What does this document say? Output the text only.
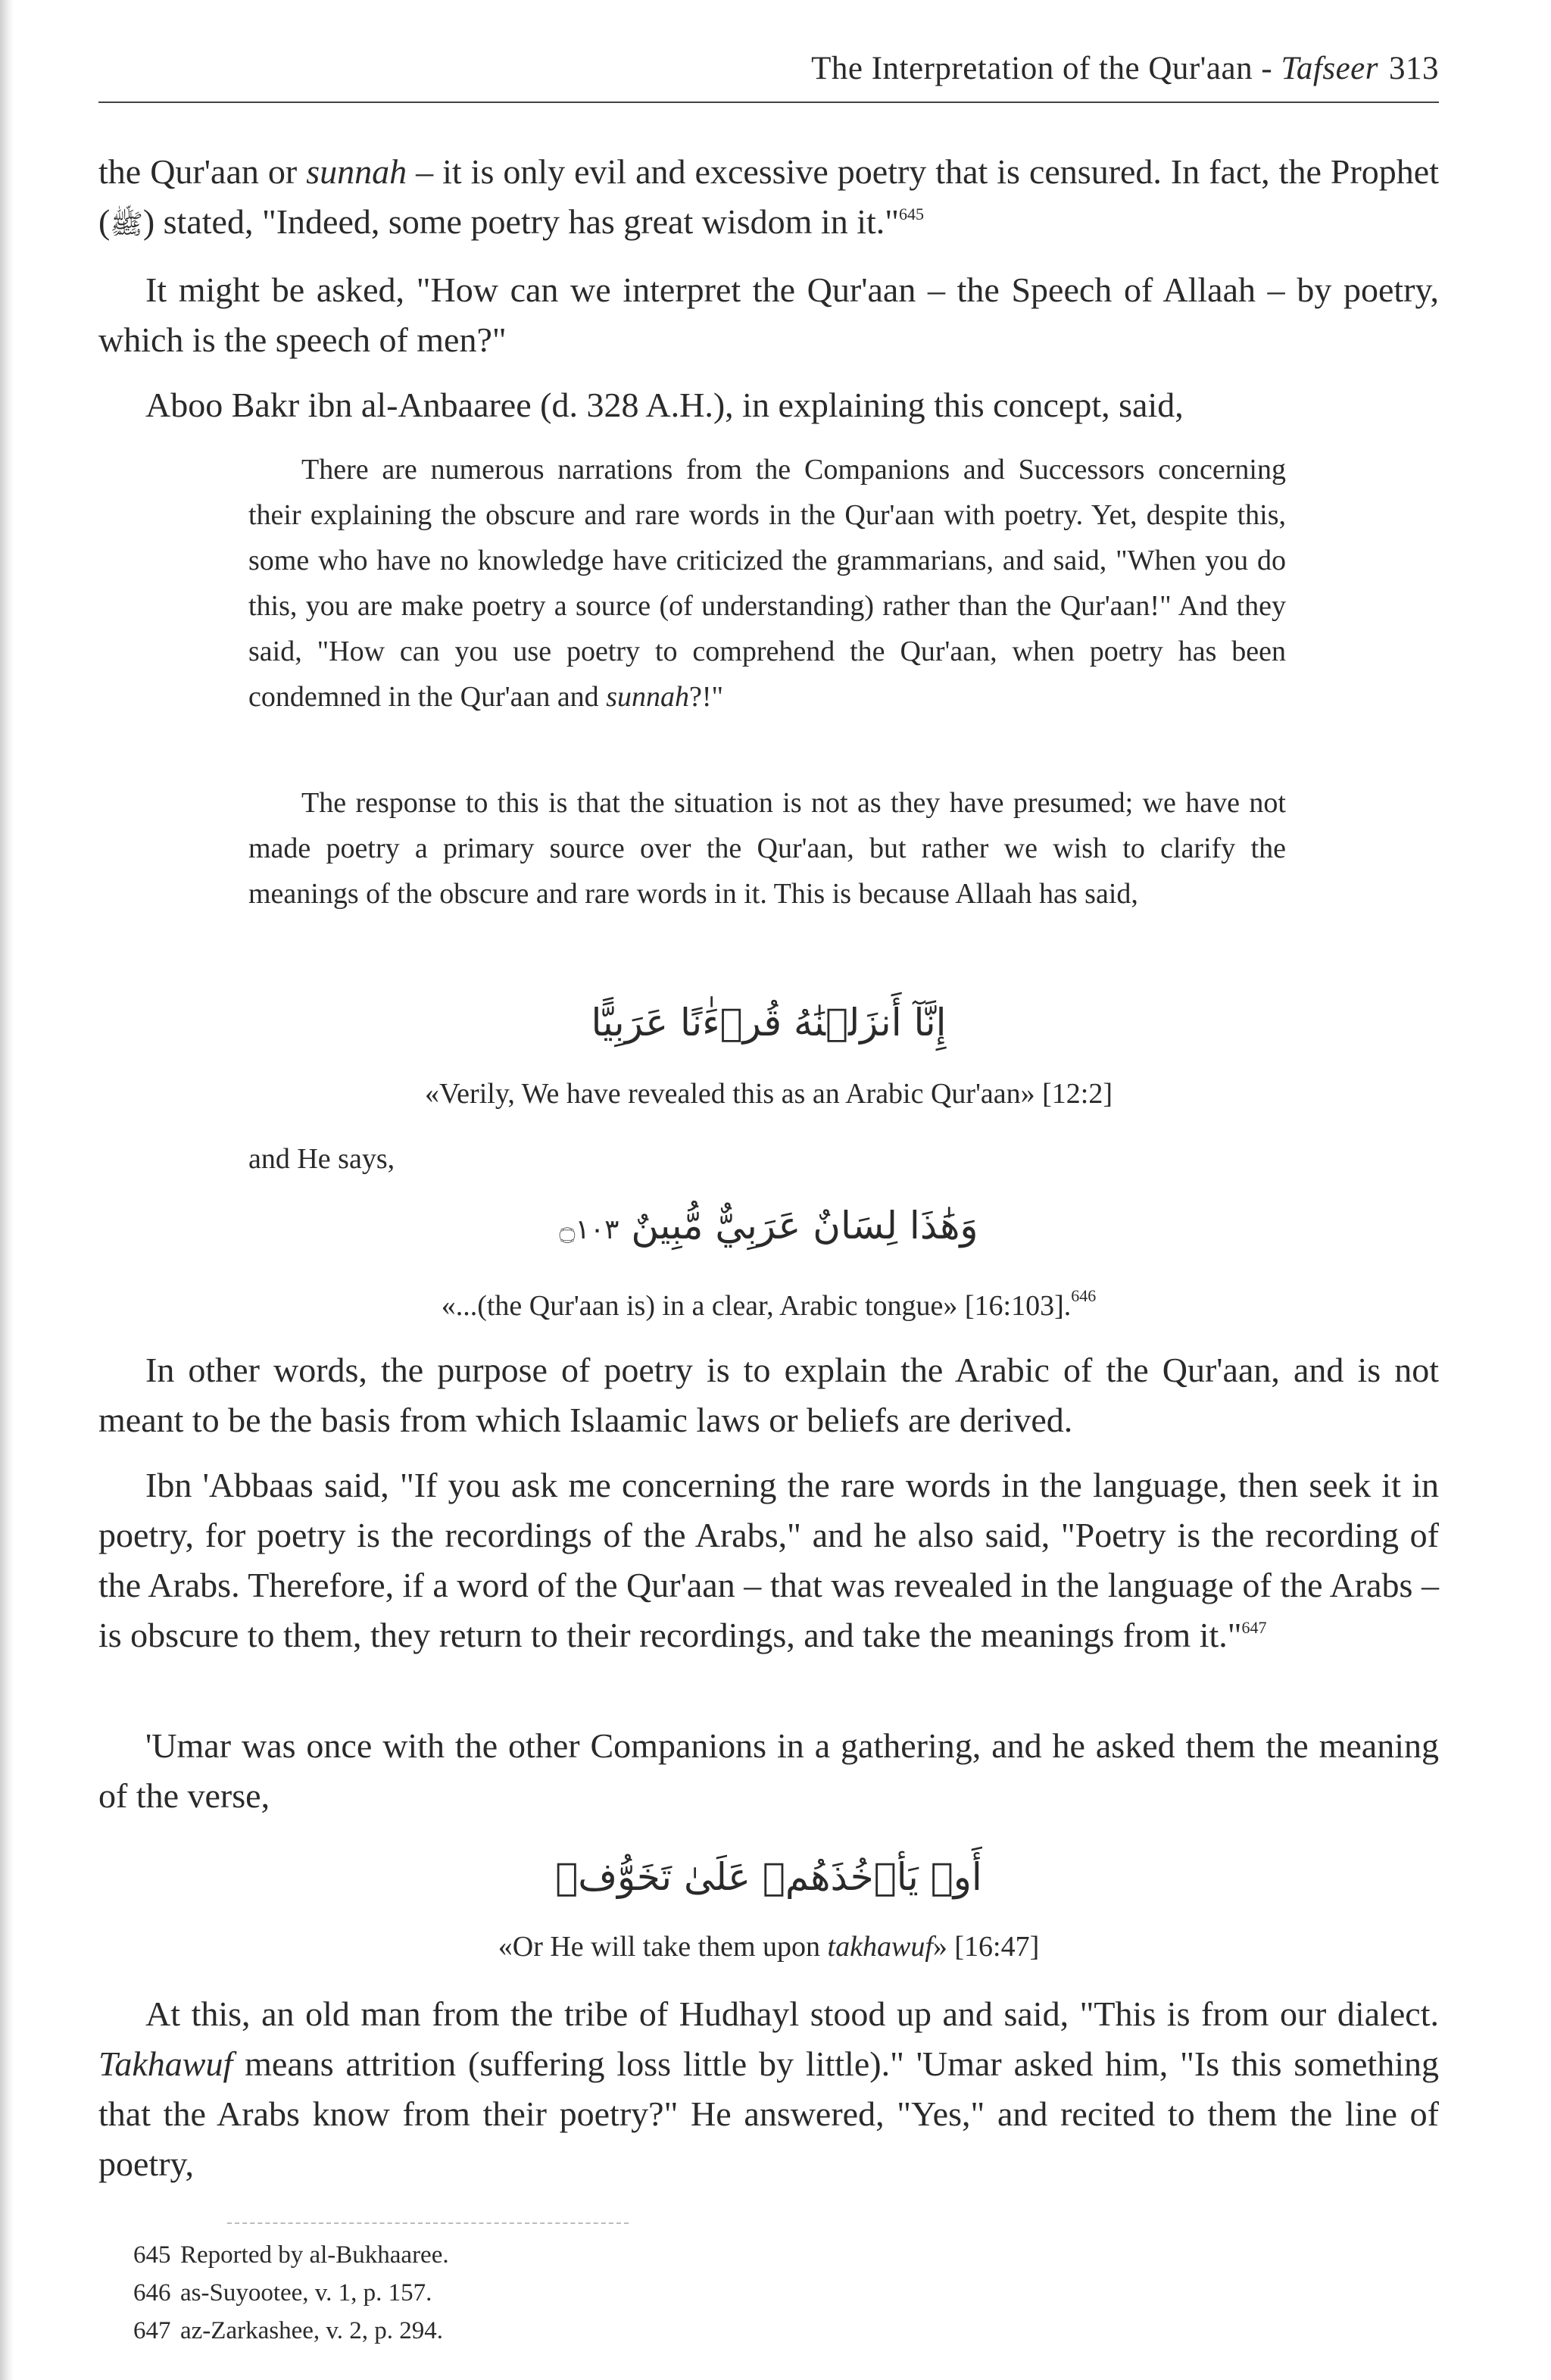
The Interpretation of the Qur'aan - Tafseer 313

the Qur'aan or sunnah – it is only evil and excessive poetry that is censured. In fact, the Prophet (ﷺ) stated, "Indeed, some poetry has great wisdom in it."$^{645}$

It might be asked, "How can we interpret the Qur'aan – the Speech of Allaah – by poetry, which is the speech of men?"

Aboo Bakr ibn al-Anbaaree (d. 328 A.H.), in explaining this concept, said,

There are numerous narrations from the Companions and Successors concerning their explaining the obscure and rare words in the Qur'aan with poetry. Yet, despite this, some who have no knowledge have criticized the grammarians, and said, "When you do this, you are make poetry a source (of understanding) rather than the Qur'aan!" And they said, "How can you use poetry to comprehend the Qur'aan, when poetry has been condemned in the Qur'aan and sunnah?!"

The response to this is that the situation is not as they have presumed; we have not made poetry a primary source over the Qur'aan, but rather we wish to clarify the meanings of the obscure and rare words in it. This is because Allaah has said,

إِنَّآ أَنزَلۡنَٰهُ قُرۡءَٰنًا عَرَبِيًّا
«Verily, We have revealed this as an Arabic Qur'aan» [12:2]

and He says,

وَهَٰذَا لِسَانٌ عَرَبِيٌّ مُّبِينٌ ۝١٠٣
«...(the Qur'aan is) in a clear, Arabic tongue» [16:103].$^{646}$

In other words, the purpose of poetry is to explain the Arabic of the Qur'aan, and is not meant to be the basis from which Islaamic laws or beliefs are derived.

Ibn 'Abbaas said, "If you ask me concerning the rare words in the language, then seek it in poetry, for poetry is the recordings of the Arabs," and he also said, "Poetry is the recording of the Arabs. Therefore, if a word of the Qur'aan – that was revealed in the language of the Arabs – is obscure to them, they return to their recordings, and take the meanings from it."$^{647}$

'Umar was once with the other Companions in a gathering, and he asked them the meaning of the verse,

أَوۡ يَأۡخُذَهُمۡ عَلَىٰ تَخَوُّفٖ
«Or He will take them upon takhawuf» [16:47]

At this, an old man from the tribe of Hudhayl stood up and said, "This is from our dialect. Takhawuf means attrition (suffering loss little by little)." 'Umar asked him, "Is this something that the Arabs know from their poetry?" He answered, "Yes," and recited to them the line of poetry,

645 Reported by al-Bukhaaree.
646 as-Suyootee, v. 1, p. 157.
647 az-Zarkashee, v. 2, p. 294.
